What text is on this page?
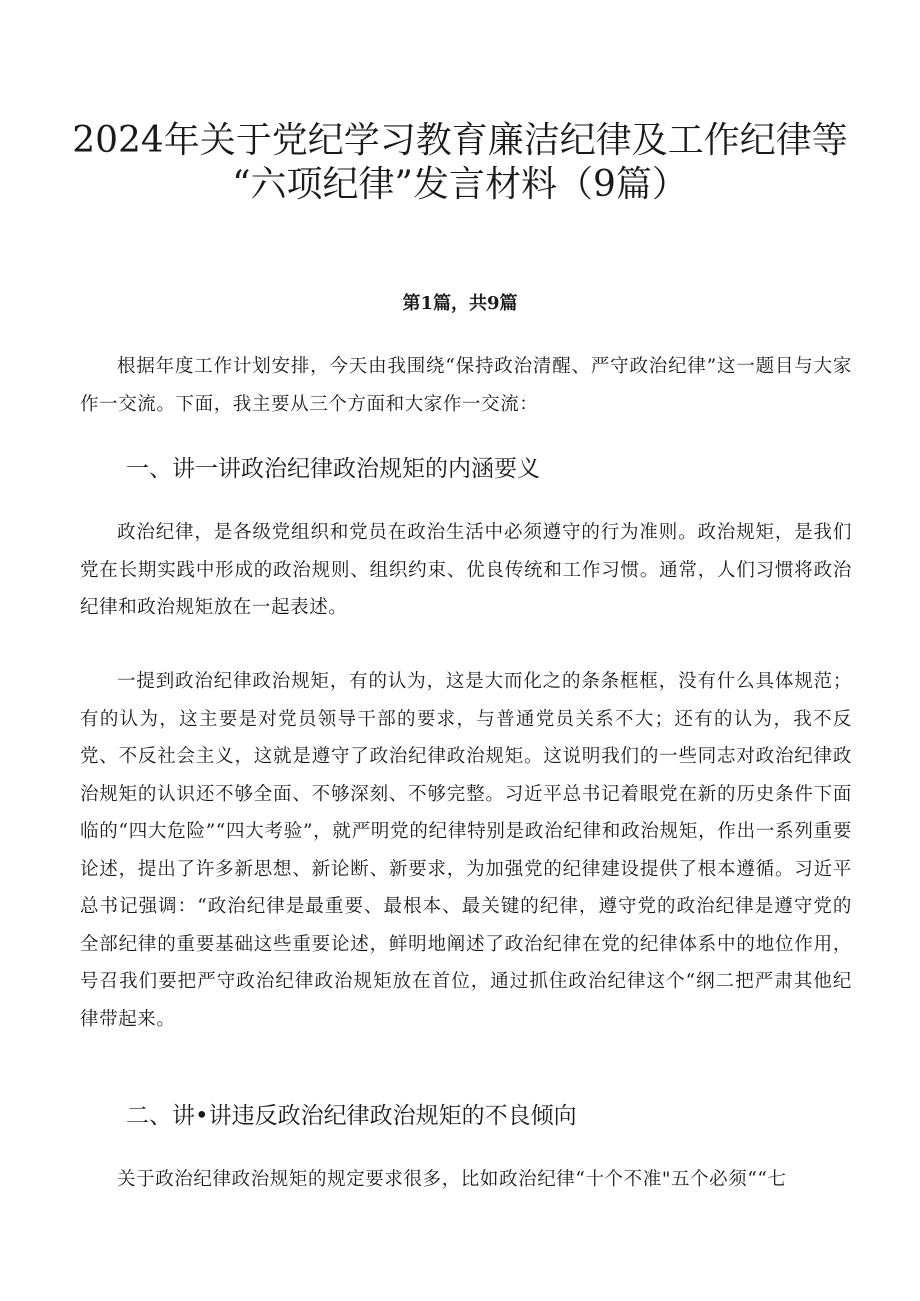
2024年关于党纪学习教育廉洁纪律及工作纪律等
“六项纪律”发言材料（9篇）
第1篇，共9篇

根据年度工作计划安排，今天由我围绕“保持政治清醒、严守政治纪律”这一题目与大家作一交流。下面，我主要从三个方面和大家作一交流：

一、讲一讲政治纪律政治规矩的内涵要义

政治纪律，是各级党组织和党员在政治生活中必须遵守的行为准则。政治规矩，是我们党在长期实践中形成的政治规则、组织约束、优良传统和工作习惯。通常，人们习惯将政治纪律和政治规矩放在一起表述。

一提到政治纪律政治规矩，有的认为，这是大而化之的条条框框，没有什么具体规范；有的认为，这主要是对党员领导干部的要求，与普通党员关系不大；还有的认为，我不反党、不反社会主义，这就是遵守了政治纪律政治规矩。这说明我们的一些同志对政治纪律政治规矩的认识还不够全面、不够深刻、不够完整。习近平总书记着眼党在新的历史条件下面临的“四大危险”“四大考验”，就严明党的纪律特别是政治纪律和政治规矩，作出一系列重要论述，提出了许多新思想、新论断、新要求，为加强党的纪律建设提供了根本遵循。习近平总书记强调：“政治纪律是最重要、最根本、最关键的纪律，遵守党的政治纪律是遵守党的全部纪律的重要基础这些重要论述，鲜明地阐述了政治纪律在党的纪律体系中的地位作用，号召我们要把严守政治纪律政治规矩放在首位，通过抓住政治纪律这个“纲二把严肃其他纪律带起来。

二、讲•讲违反政治纪律政治规矩的不良倾向

关于政治纪律政治规矩的规定要求很多，比如政治纪律“十个不准"五个必须““七
